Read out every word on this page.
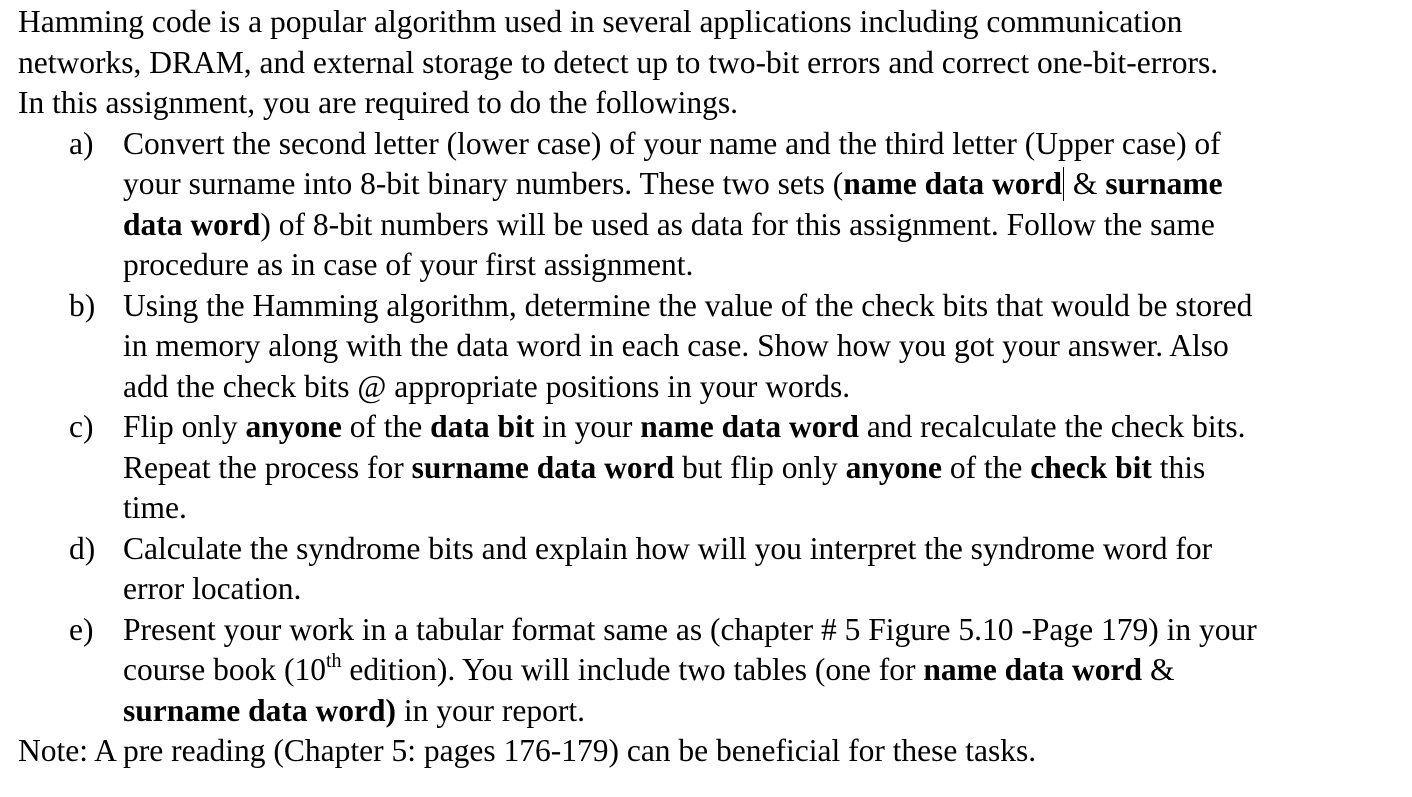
Hamming code is a popular algorithm used in several applications including communication

networks, DRAM, and external storage to detect up to two-bit errors and correct one-bit-errors.

In this assignment, you are required to do the followings.

a) Convert the second letter (lower case) of your name and the third letter (Upper case) of

your surname into 8-bit binary numbers. These two sets (name data word & surname

data word) of 8-bit numbers will be used as data for this assignment. Follow the same

procedure as in case of your first assignment.

b) Using the Hamming algorithm, determine the value of the check bits that would be stored

in memory along with the data word in each case. Show how you got your answer. Also

add the check bits @ appropriate positions in your words.

c) Flip only anyone of the data bit in your name data word and recalculate the check bits.

Repeat the process for surname data word but flip only anyone of the check bit this

time.

d) Calculate the syndrome bits and explain how will you interpret the syndrome word for

error location.

e) Present your work in a tabular format same as (chapter # 5 Figure 5.10 -Page 179) in your

course book (10th edition). You will include two tables (one for name data word &

surname data word) in your report.

Note: A pre reading (Chapter 5: pages 176-179) can be beneficial for these tasks.
